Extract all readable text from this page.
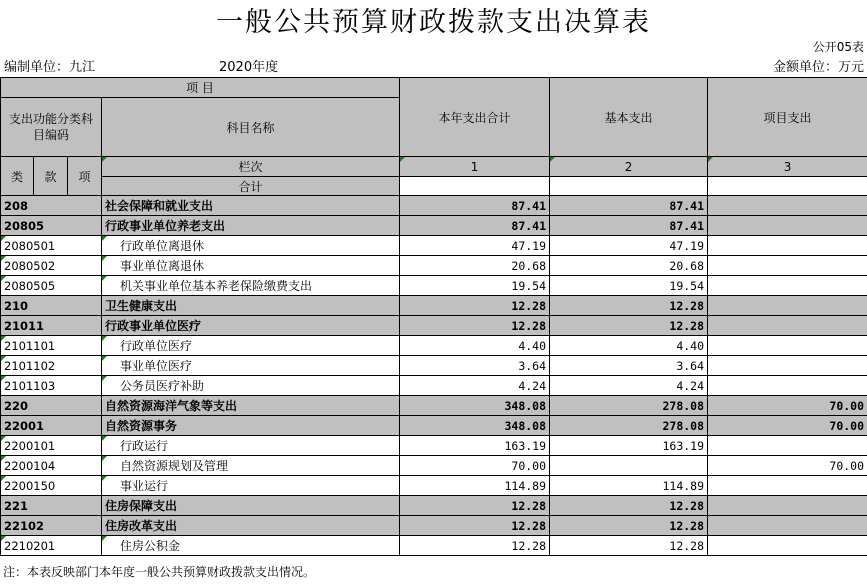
一般公共预算财政拨款支出决算表
公开05表
编制单位：九江	2020年度	金额单位：万元
项 目				本年支出合计	基本支出	项目支出
支出功能分类科目编码			科目名称			

类	款	项	栏次	1	2	3
			合计			
208			社会保障和就业支出	87.41	87.41	
20805			行政事业单位养老支出	87.41	87.41	
2080501			行政单位离退休	47.19	47.19	
2080502			事业单位离退休	20.68	20.68	
2080505			机关事业单位基本养老保险缴费支出	19.54	19.54	
210			卫生健康支出	12.28	12.28	
21011			行政事业单位医疗	12.28	12.28	
2101101			行政单位医疗	4.40	4.40	
2101102			事业单位医疗	3.64	3.64	
2101103			公务员医疗补助	4.24	4.24	
220			自然资源海洋气象等支出	348.08	278.08	70.00
22001			自然资源事务	348.08	278.08	70.00
2200101			行政运行	163.19	163.19	
2200104			自然资源规划及管理	70.00		70.00
2200150			事业运行	114.89	114.89	
221			住房保障支出	12.28	12.28	
22102			住房改革支出	12.28	12.28	
2210201			住房公积金	12.28	12.28	
注：本表反映部门本年度一般公共预算财政拨款支出情况。
